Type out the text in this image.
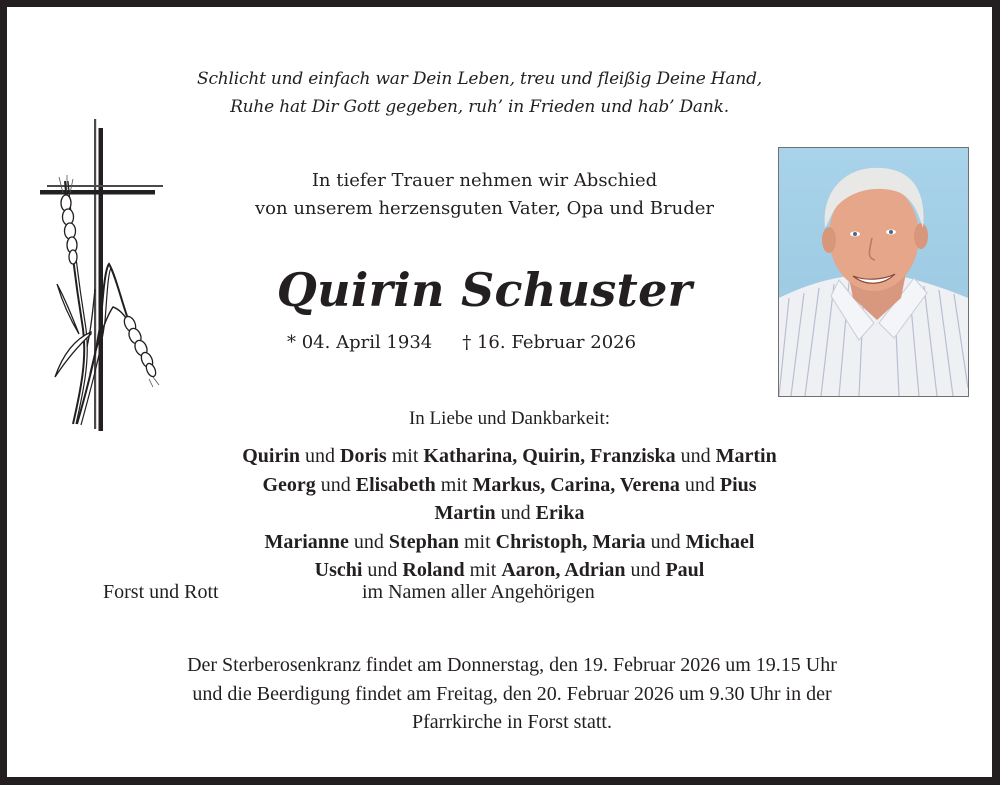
Schlicht und einfach war Dein Leben, treu und fleißig Deine Hand,
Ruhe hat Dir Gott gegeben, ruh’ in Frieden und hab’ Dank.
In tiefer Trauer nehmen wir Abschied
von unserem herzensguten Vater, Opa und Bruder
Quirin Schuster
* 04. April 1934 † 16. Februar 2026
In Liebe und Dankbarkeit:
Quirin und Doris mit Katharina, Quirin, Franziska und Martin
Georg und Elisabeth mit Markus, Carina, Verena und Pius
Martin und Erika
Marianne und Stephan mit Christoph, Maria und Michael
Uschi und Roland mit Aaron, Adrian und Paul
Forst und Rott	im Namen aller Angehörigen
Der Sterberosenkranz findet am Donnerstag, den 19. Februar 2026 um 19.15 Uhr
und die Beerdigung findet am Freitag, den 20. Februar 2026 um 9.30 Uhr in der
Pfarrkirche in Forst statt.
